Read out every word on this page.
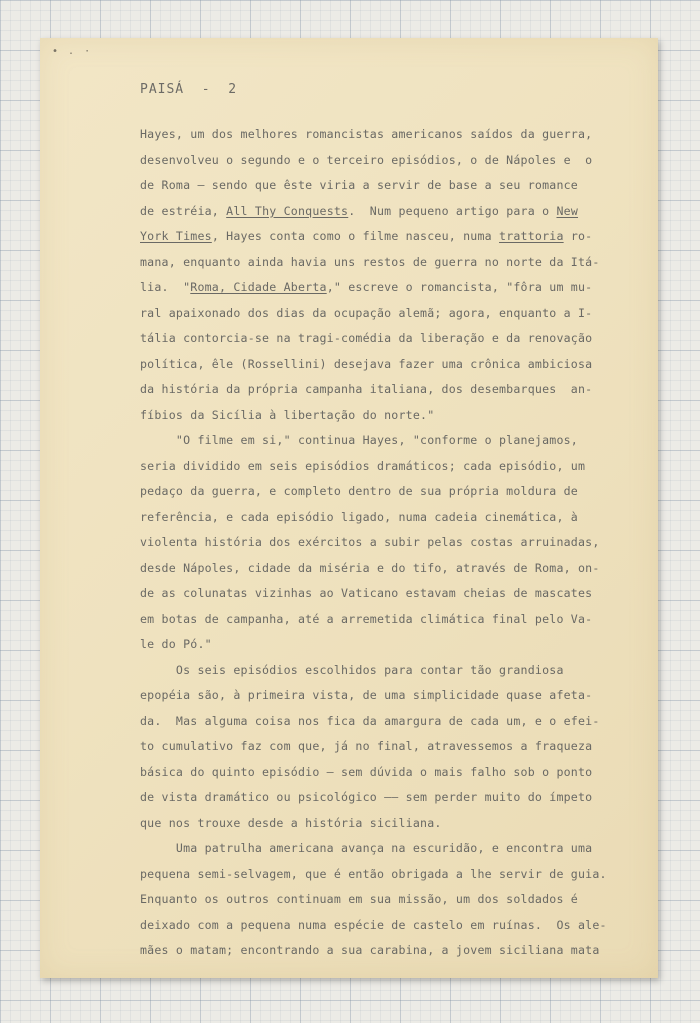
• . ·
PAISÁ  -  2
Hayes, um dos melhores romancistas americanos saídos da guerra,
desenvolveu o segundo e o terceiro episódios, o de Nápoles e  o
de Roma — sendo que êste viria a servir de base a seu romance
de estréia, All Thy Conquests.  Num pequeno artigo para o New
York Times, Hayes conta como o filme nasceu, numa trattoria ro-
mana, enquanto ainda havia uns restos de guerra no norte da Itá-
lia.  "Roma, Cidade Aberta," escreve o romancista, "fôra um mu-
ral apaixonado dos dias da ocupação alemã; agora, enquanto a I-
tália contorcia-se na tragi-comédia da liberação e da renovação
política, êle (Rossellini) desejava fazer uma crônica ambiciosa
da história da própria campanha italiana, dos desembarques  an-
fíbios da Sicília à libertação do norte."
"O filme em si," continua Hayes, "conforme o planejamos,
seria dividido em seis episódios dramáticos; cada episódio, um
pedaço da guerra, e completo dentro de sua própria moldura de
referência, e cada episódio ligado, numa cadeia cinemática, à
violenta história dos exércitos a subir pelas costas arruinadas,
desde Nápoles, cidade da miséria e do tifo, através de Roma, on-
de as colunatas vizinhas ao Vaticano estavam cheias de mascates
em botas de campanha, até a arremetida climática final pelo Va-
le do Pó."
Os seis episódios escolhidos para contar tão grandiosa
epopéia são, à primeira vista, de uma simplicidade quase afeta-
da.  Mas alguma coisa nos fica da amargura de cada um, e o efei-
to cumulativo faz com que, já no final, atravessemos a fraqueza
básica do quinto episódio — sem dúvida o mais falho sob o ponto
de vista dramático ou psicológico —— sem perder muito do ímpeto
que nos trouxe desde a história siciliana.
Uma patrulha americana avança na escuridão, e encontra uma
pequena semi-selvagem, que é então obrigada a lhe servir de guia.
Enquanto os outros continuam em sua missão, um dos soldados é
deixado com a pequena numa espécie de castelo em ruínas.  Os ale-
mães o matam; encontrando a sua carabina, a jovem siciliana mata
